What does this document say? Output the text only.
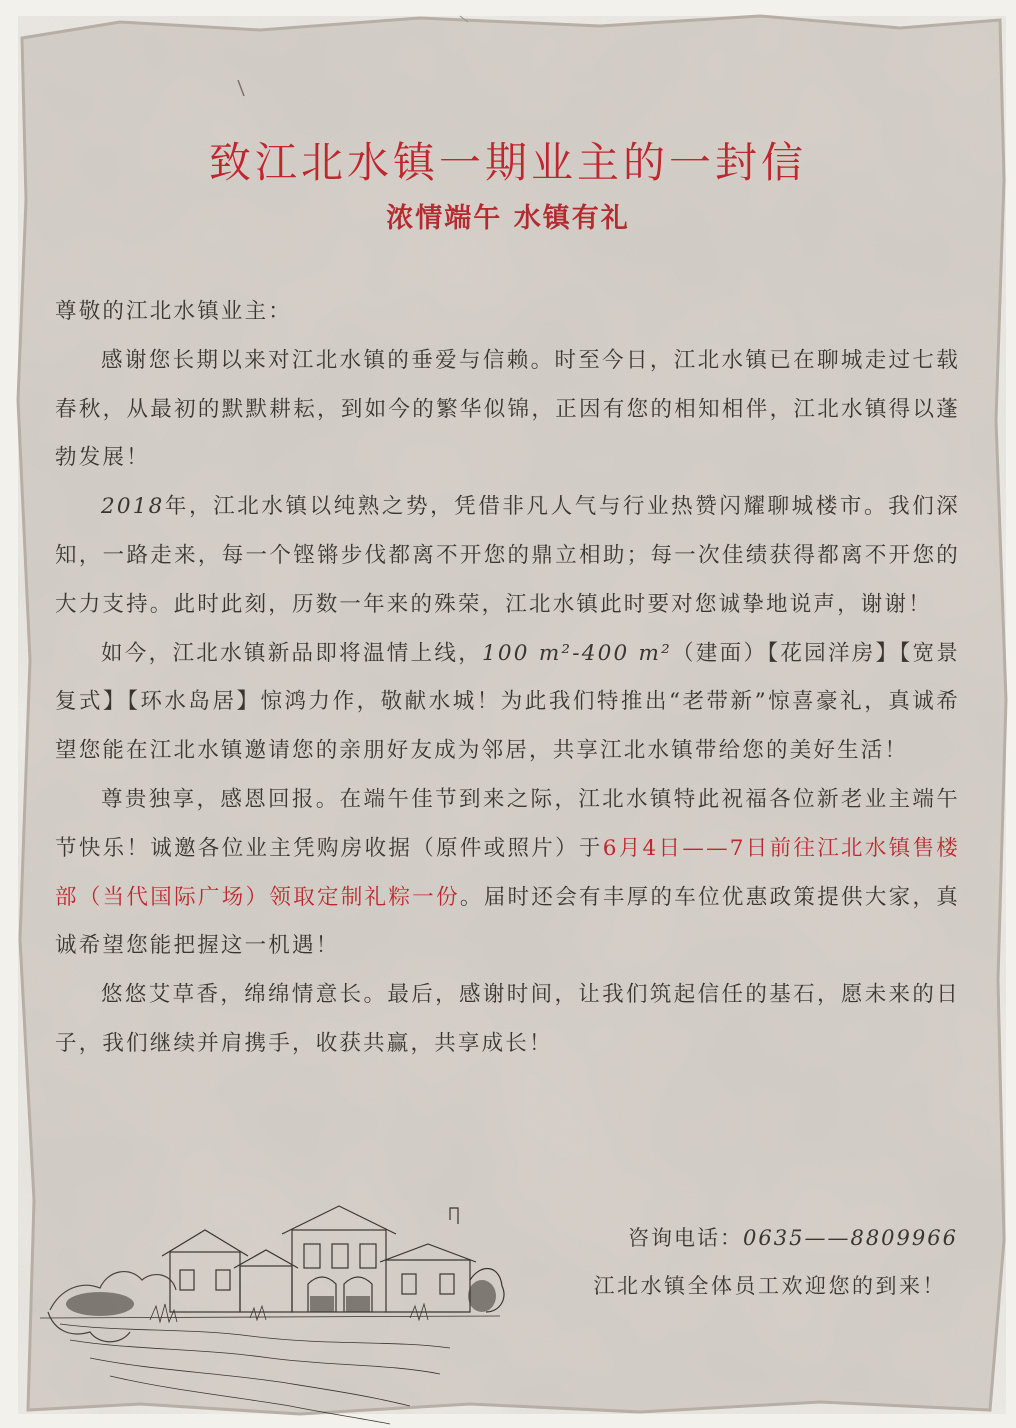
致江北水镇一期业主的一封信
浓情端午 水镇有礼

尊敬的江北水镇业主：

感谢您长期以来对江北水镇的垂爱与信赖。时至今日，江北水镇已在聊城走过七载春秋，从最初的默默耕耘，到如今的繁华似锦，正因有您的相知相伴，江北水镇得以蓬勃发展！

2018年，江北水镇以纯熟之势，凭借非凡人气与行业热赞闪耀聊城楼市。我们深知，一路走来，每一个铿锵步伐都离不开您的鼎立相助；每一次佳绩获得都离不开您的大力支持。此时此刻，历数一年来的殊荣，江北水镇此时要对您诚挚地说声，谢谢！

如今，江北水镇新品即将温情上线，100 m²-400 m²（建面）【花园洋房】【宽景复式】【环水岛居】惊鸿力作，敬献水城！为此我们特推出“老带新”惊喜豪礼，真诚希望您能在江北水镇邀请您的亲朋好友成为邻居，共享江北水镇带给您的美好生活！

尊贵独享，感恩回报。在端午佳节到来之际，江北水镇特此祝福各位新老业主端午节快乐！诚邀各位业主凭购房收据（原件或照片）于6月4日——7日前往江北水镇售楼部（当代国际广场）领取定制礼粽一份。届时还会有丰厚的车位优惠政策提供大家，真诚希望您能把握这一机遇！

悠悠艾草香，绵绵情意长。最后，感谢时间，让我们筑起信任的基石，愿未来的日子，我们继续并肩携手，收获共赢，共享成长！

咨询电话：0635——8809966
江北水镇全体员工欢迎您的到来！
